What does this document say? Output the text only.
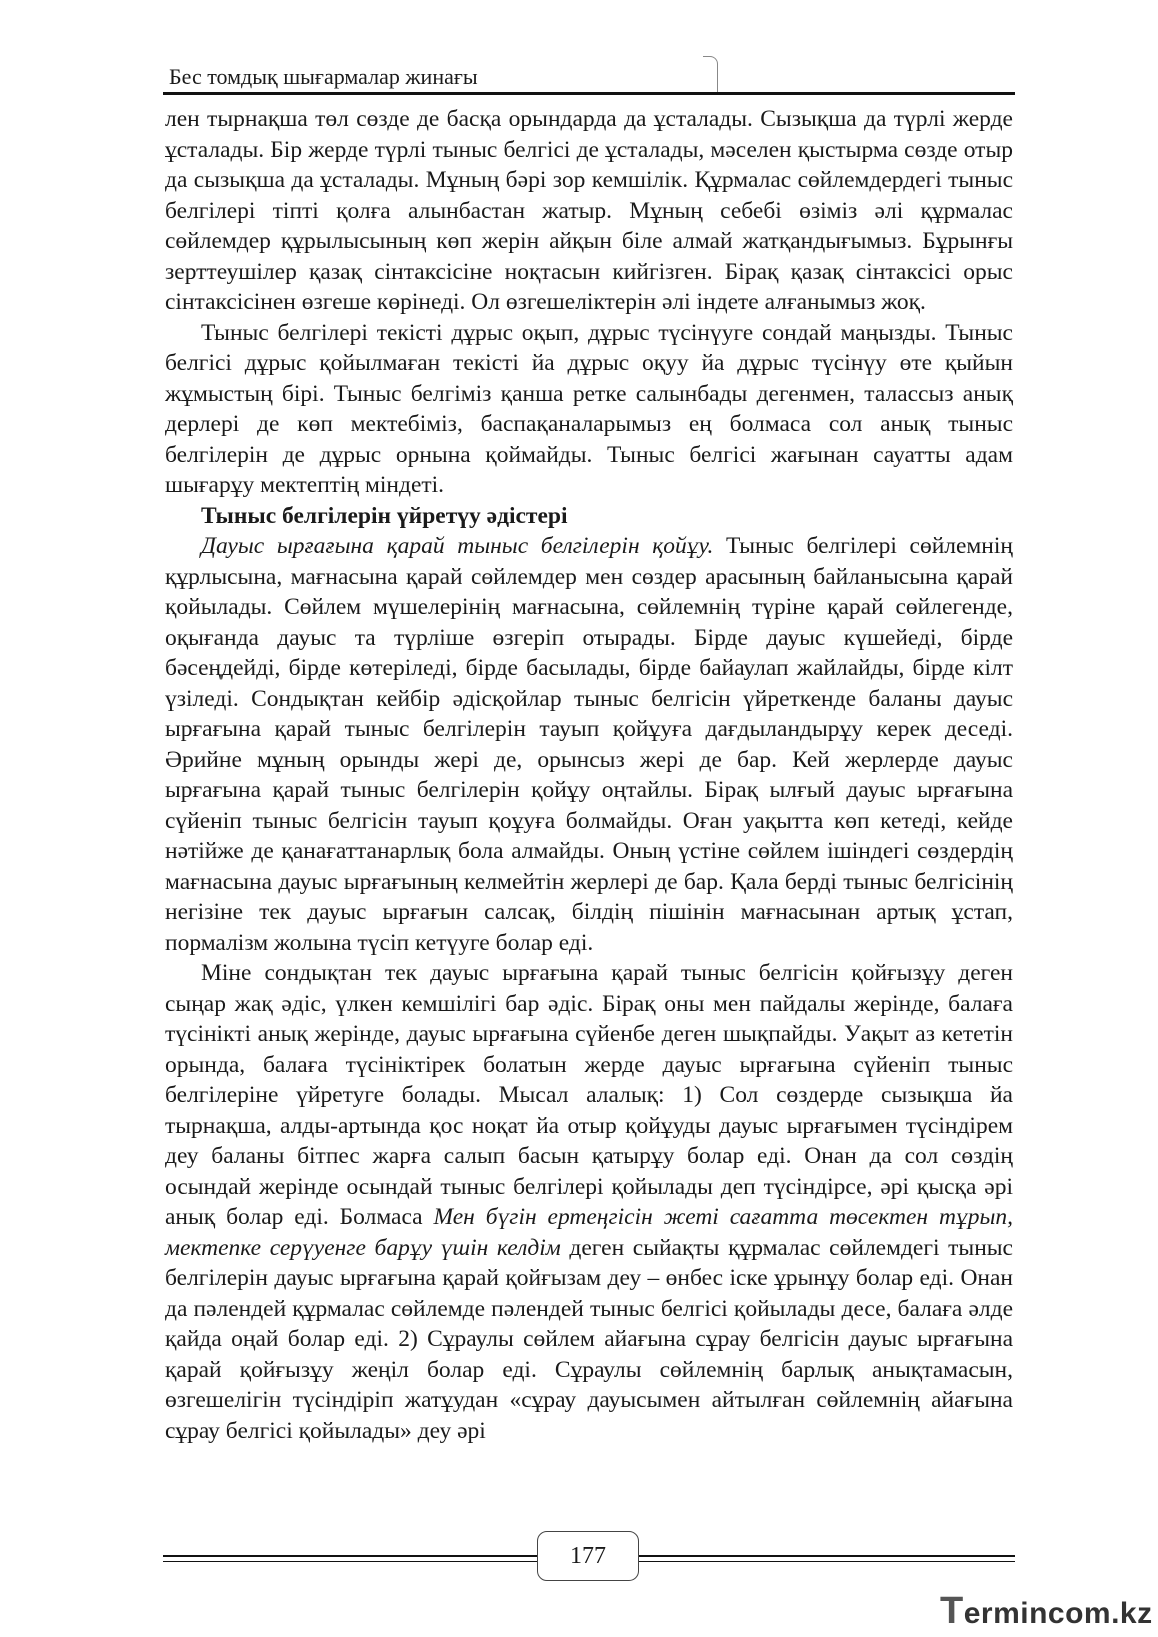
Бес томдық шығармалар жинағы

лен тырнақша төл сөзде де басқа орындарда да ұсталады. Сызықша да түрлі жерде ұсталады. Бір жерде түрлі тыныс белгісі де ұсталады, мәселен қыстырма сөзде отыр да сызықша да ұсталады. Мұның бәрі зор кемшілік. Құрмалас сөйлемдердегі тыныс белгілері тіпті қолға алынбастан жатыр. Мұның себебі өзіміз әлі құрмалас сөйлемдер құрылысының көп жерін айқын біле алмай жатқандығымыз. Бұрынғы зерттеушілер қазақ сінтаксісіне ноқтасын кийгізген. Бірақ қазақ сінтаксісі орыс сінтаксісінен өзгеше көрінеді. Ол өзгешеліктерін әлі індете алғанымыз жоқ.

Тыныс белгілері текісті дұрыс оқып, дұрыс түсінүуге сондай маңызды. Тыныс белгісі дұрыс қойылмаған текісті йа дұрыс оқуу йа дұрыс түсінүу өте қыйын жұмыстың бірі. Тыныс белгіміз қанша ретке салынбады дегенмен, таласcыз анық дерлері де көп мектебіміз, баспақаналарымыз ең болмаса сол анық тыныс белгілерін де дұрыс орнына қоймайды. Тыныс белгісі жағынан сауатты адам шығарұу мектептің міндеті.

Тыныс белгілерін үйретүу әдістері

Дауыс ырғағына қарай тыныс белгілерін қойұу. Тыныс белгілері сөйлемнің құрлысына, мағнасына қарай сөйлемдер мен сөздер арасының байланысына қарай қойылады. Сөйлем мүшелерінің мағнасына, сөйлемнің түріне қарай сөйлегенде, оқығанда дауыс та түрліше өзгеріп отырады. Бірде дауыс күшейеді, бірде бәсеңдейді, бірде көтеріледі, бірде басылады, бірде байаулап жайлайды, бірде кілт үзіледі. Сондықтан кейбір әдісқойлар тыныс белгісін үйреткенде баланы дауыс ырғағына қарай тыныс белгілерін тауып қойұуға дағдыландырұу керек деседі. Әрийне мұның орынды жері де, орынсыз жері де бар. Кей жерлерде дауыс ырғағына қарай тыныс белгілерін қойұу оңтайлы. Бірақ ылғый дауыс ырғағына сүйеніп тыныс белгісін тауып қоұуға болмайды. Оған уақытта көп кетеді, кейде нәтійже де қанағаттанарлық бола алмайды. Оның үстіне сөйлем ішіндегі сөздердің мағнасына дауыс ырғағының келмейтін жерлері де бар. Қала берді тыныс белгісінің негізіне тек дауыс ырғағын салсақ, білдің пішінін мағнасынан артық ұстап, пормалізм жолына түсіп кетүуге болар еді.

Міне сондықтан тек дауыс ырғағына қарай тыныс белгісін қойғызұу деген сыңар жақ әдіс, үлкен кемшілігі бар әдіс. Бірақ оны мен пайдалы жерінде, балаға түсінікті анық жерінде, дауыс ырғағына сүйенбе деген шықпайды. Уақыт аз кететін орында, балаға түсініктірек болатын жерде дауыс ырғағына сүйеніп тыныс белгілеріне үйретуге болады. Мысал алалық: 1) Сол сөздерде сызықша йа тырнақша, алды-артында қос ноқат йа отыр қойұуды дауыс ырғағымен түсіндірем деу баланы бітпес жарға салып басын қатырұу болар еді. Онан да сол сөздің осындай жерінде осындай тыныс белгілері қойылады деп түсіндірсе, әрі қысқа әрі анық болар еді. Болмаса Мен бүгін ертеңгісін жеті сағатта төсектен тұрып, мектепке серүуенге барұу үшін келдім деген сыйақты құрмалас сөйлемдегі тыныс белгілерін дауыс ырғағына қарай қойғызам деу – өнбес іске ұрынұу болар еді. Онан да пәлендей құрмалас сөйлемде пәлендей тыныс белгісі қойылады десе, балаға әлде қайда оңай болар еді. 2) Сұраулы сөйлем айағына сұрау белгісін дауыс ырғағына қарай қойғызұу жеңіл болар еді. Сұраулы сөйлемнің барлық анықтамасын, өзгешелігін түсіндіріп жатұудан «сұрау дауысымен айтылған сөйлемнің айағына сұрау белгісі қойылады» деу әрі

177
Termincom.kz
